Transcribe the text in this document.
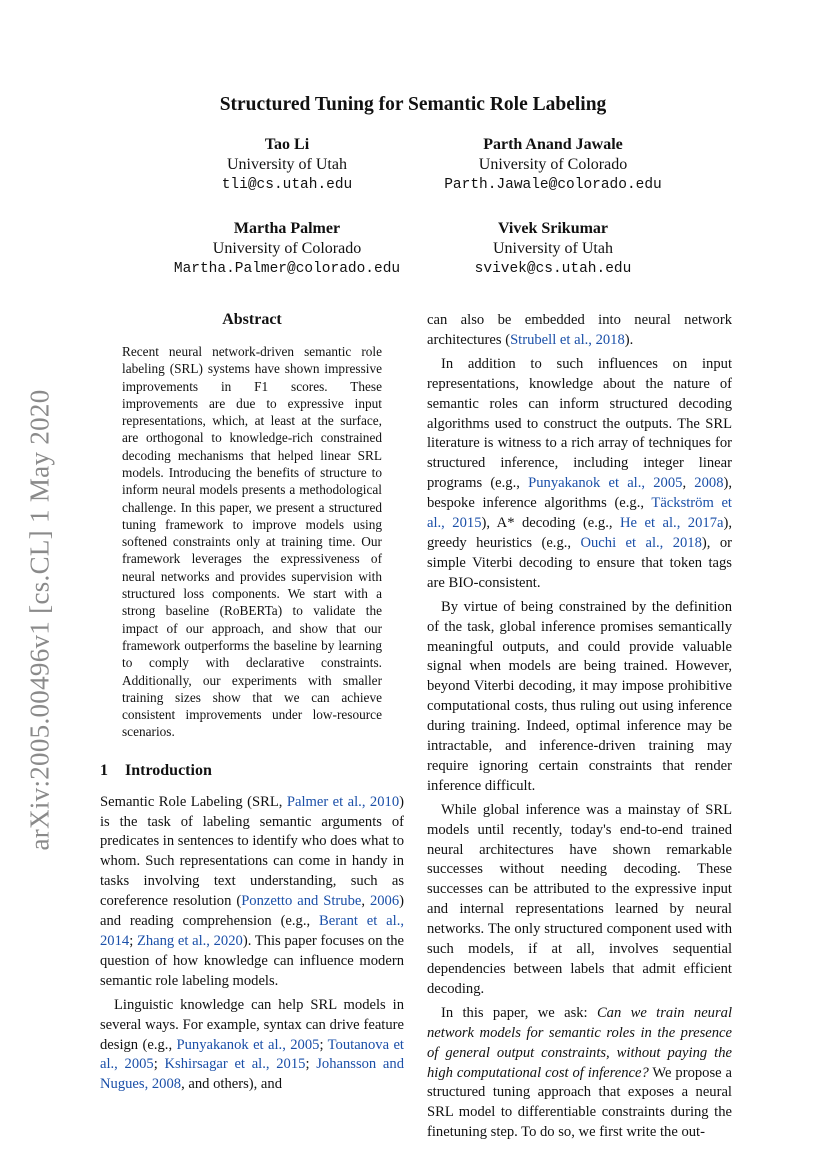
arXiv:2005.00496v1 [cs.CL] 1 May 2020
Structured Tuning for Semantic Role Labeling
Tao Li
University of Utah
tli@cs.utah.edu
Parth Anand Jawale
University of Colorado
Parth.Jawale@colorado.edu
Martha Palmer
University of Colorado
Martha.Palmer@colorado.edu
Vivek Srikumar
University of Utah
svivek@cs.utah.edu
Abstract
Recent neural network-driven semantic role labeling (SRL) systems have shown impressive improvements in F1 scores. These improvements are due to expressive input representations, which, at least at the surface, are orthogonal to knowledge-rich constrained decoding mechanisms that helped linear SRL models. Introducing the benefits of structure to inform neural models presents a methodological challenge. In this paper, we present a structured tuning framework to improve models using softened constraints only at training time. Our framework leverages the expressiveness of neural networks and provides supervision with structured loss components. We start with a strong baseline (RoBERTa) to validate the impact of our approach, and show that our framework outperforms the baseline by learning to comply with declarative constraints. Additionally, our experiments with smaller training sizes show that we can achieve consistent improvements under low-resource scenarios.
1 Introduction

Semantic Role Labeling (SRL, Palmer et al., 2010) is the task of labeling semantic arguments of predicates in sentences to identify who does what to whom. Such representations can come in handy in tasks involving text understanding, such as coreference resolution (Ponzetto and Strube, 2006) and reading comprehension (e.g., Berant et al., 2014; Zhang et al., 2020). This paper focuses on the question of how knowledge can influence modern semantic role labeling models.

Linguistic knowledge can help SRL models in several ways. For example, syntax can drive feature design (e.g., Punyakanok et al., 2005; Toutanova et al., 2005; Kshirsagar et al., 2015; Johansson and Nugues, 2008, and others), and

can also be embedded into neural network architectures (Strubell et al., 2018).

In addition to such influences on input representations, knowledge about the nature of semantic roles can inform structured decoding algorithms used to construct the outputs. The SRL literature is witness to a rich array of techniques for structured inference, including integer linear programs (e.g., Punyakanok et al., 2005, 2008), bespoke inference algorithms (e.g., Täckström et al., 2015), A* decoding (e.g., He et al., 2017a), greedy heuristics (e.g., Ouchi et al., 2018), or simple Viterbi decoding to ensure that token tags are BIO-consistent.

By virtue of being constrained by the definition of the task, global inference promises semantically meaningful outputs, and could provide valuable signal when models are being trained. However, beyond Viterbi decoding, it may impose prohibitive computational costs, thus ruling out using inference during training. Indeed, optimal inference may be intractable, and inference-driven training may require ignoring certain constraints that render inference difficult.

While global inference was a mainstay of SRL models until recently, today's end-to-end trained neural architectures have shown remarkable successes without needing decoding. These successes can be attributed to the expressive input and internal representations learned by neural networks. The only structured component used with such models, if at all, involves sequential dependencies between labels that admit efficient decoding.

In this paper, we ask: Can we train neural network models for semantic roles in the presence of general output constraints, without paying the high computational cost of inference? We propose a structured tuning approach that exposes a neural SRL model to differentiable constraints during the finetuning step. To do so, we first write the out-
